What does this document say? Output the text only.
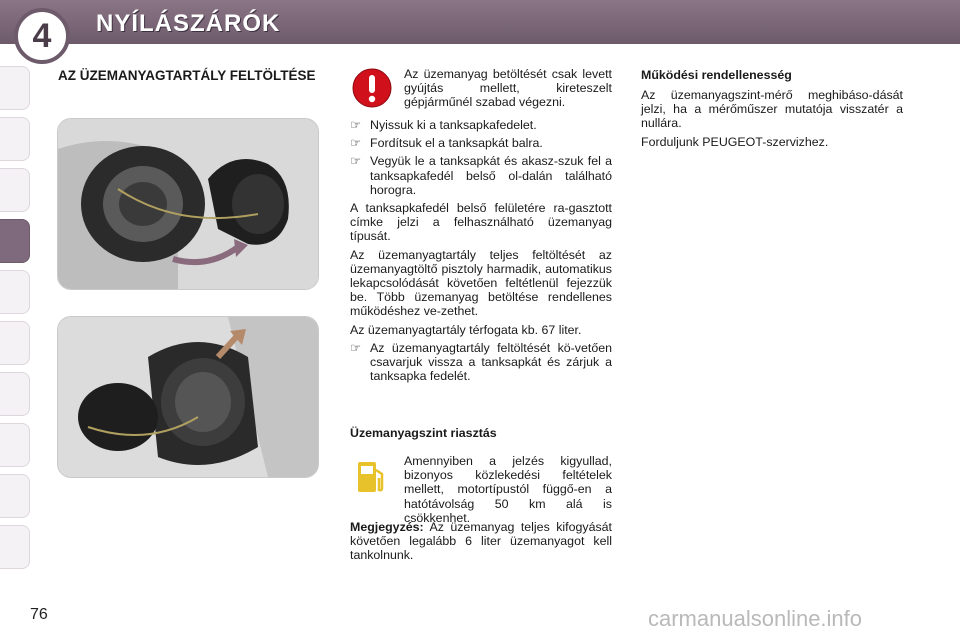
4	NYÍLÁSZÁRÓK
AZ ÜZEMANYAGTARTÁLY FELTÖLTÉSE	Az üzemanyag betöltését csak levett gyújtás mellett, kireteszelt gépjárműnél szabad végezni.

☞ Nyissuk ki a tanksapkafedelet.

☞ Fordítsuk el a tanksapkát balra.

☞ Vegyük le a tanksapkát és akasz-szuk fel a tanksapkafedél belső ol-dalán található horogra.

A tanksapkafedél belső felületére ra-gasztott címke jelzi a felhasználható üzemanyag típusát.

Az üzemanyagtartály teljes feltöltését az üzemanyagtöltő pisztoly harmadik, automatikus lekapcsolódását követően feltétlenül fejezzük be. Több üzemanyag betöltése rendellenes működéshez ve-zethet.

Az üzemanyagtartály térfogata kb. 67 liter.

☞ Az üzemanyagtartály feltöltését kö-vetően csavarjuk vissza a tanksapkát és zárjuk a tanksapka fedelét.

Üzemanyagszint riasztás
Amennyiben a jelzés kigyullad, bizonyos közlekedési feltételek mellett, motortípustól függő-en a hatótávolság 50 km alá is csökkenhet.
Megjegyzés: Az üzemanyag teljes kifogyását követően legalább 6 liter üzemanyagot kell tankolnunk.
Működési rendellenesség

Az üzemanyagszint-mérő meghibáso-dását jelzi, ha a mérőműszer mutatója visszatér a nullára.

Forduljunk PEUGEOT-szervizhez.

76	carmanualsonline.info
